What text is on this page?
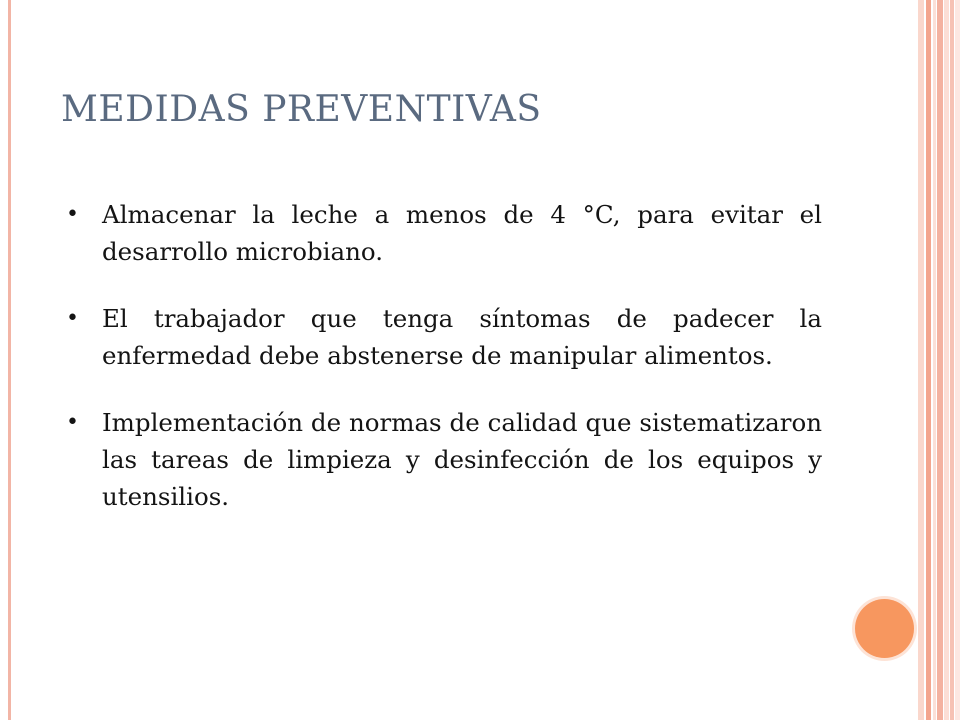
MEDIDAS PREVENTIVAS
• Almacenar la leche a menos de 4 °C, para evitar el desarrollo microbiano.
• El trabajador que tenga síntomas de padecer la enfermedad debe abstenerse de manipular alimentos.
• Implementación de normas de calidad que sistematizaron las tareas de limpieza y desinfección de los equipos y utensilios.
